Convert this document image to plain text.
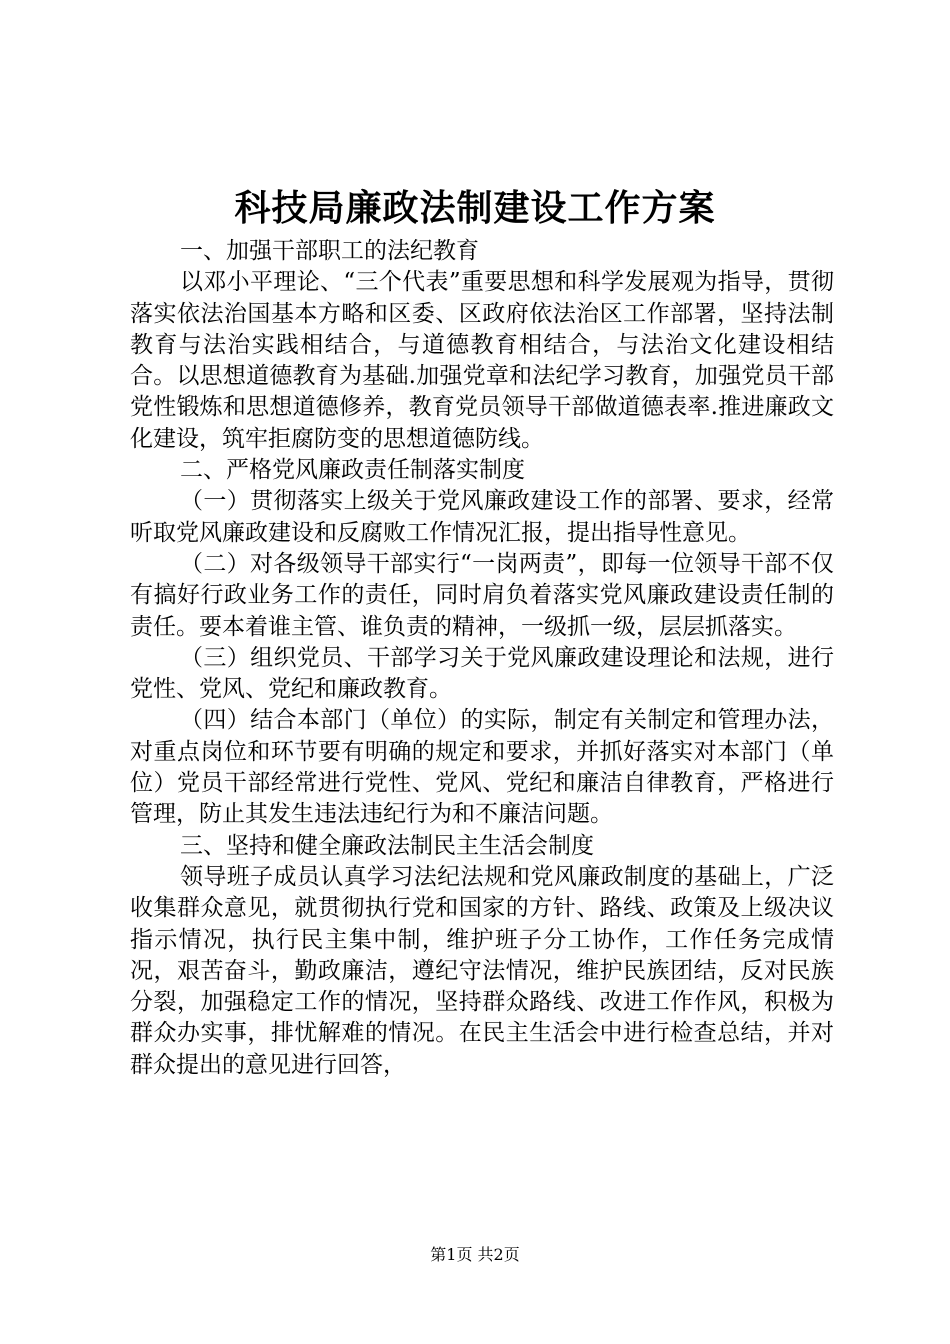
科技局廉政法制建设工作方案

一、加强干部职工的法纪教育

以邓小平理论、“三个代表”重要思想和科学发展观为指导，贯彻落实依法治国基本方略和区委、区政府依法治区工作部署，坚持法制教育与法治实践相结合，与道德教育相结合，与法治文化建设相结合。以思想道德教育为基础.加强党章和法纪学习教育，加强党员干部党性锻炼和思想道德修养，教育党员领导干部做道德表率.推进廉政文化建设，筑牢拒腐防变的思想道德防线。

二、严格党风廉政责任制落实制度

（一）贯彻落实上级关于党风廉政建设工作的部署、要求，经常听取党风廉政建设和反腐败工作情况汇报，提出指导性意见。

（二）对各级领导干部实行“一岗两责”，即每一位领导干部不仅有搞好行政业务工作的责任，同时肩负着落实党风廉政建设责任制的责任。要本着谁主管、谁负责的精神，一级抓一级，层层抓落实。

（三）组织党员、干部学习关于党风廉政建设理论和法规，进行党性、党风、党纪和廉政教育。

（四）结合本部门（单位）的实际，制定有关制定和管理办法，对重点岗位和环节要有明确的规定和要求，并抓好落实对本部门（单位）党员干部经常进行党性、党风、党纪和廉洁自律教育，严格进行管理，防止其发生违法违纪行为和不廉洁问题。

三、坚持和健全廉政法制民主生活会制度

领导班子成员认真学习法纪法规和党风廉政制度的基础上，广泛收集群众意见，就贯彻执行党和国家的方针、路线、政策及上级决议指示情况，执行民主集中制，维护班子分工协作，工作任务完成情况，艰苦奋斗，勤政廉洁，遵纪守法情况，维护民族团结，反对民族分裂，加强稳定工作的情况，坚持群众路线、改进工作作风，积极为群众办实事，排忧解难的情况。在民主生活会中进行检查总结，并对群众提出的意见进行回答，

第1页 共2页
